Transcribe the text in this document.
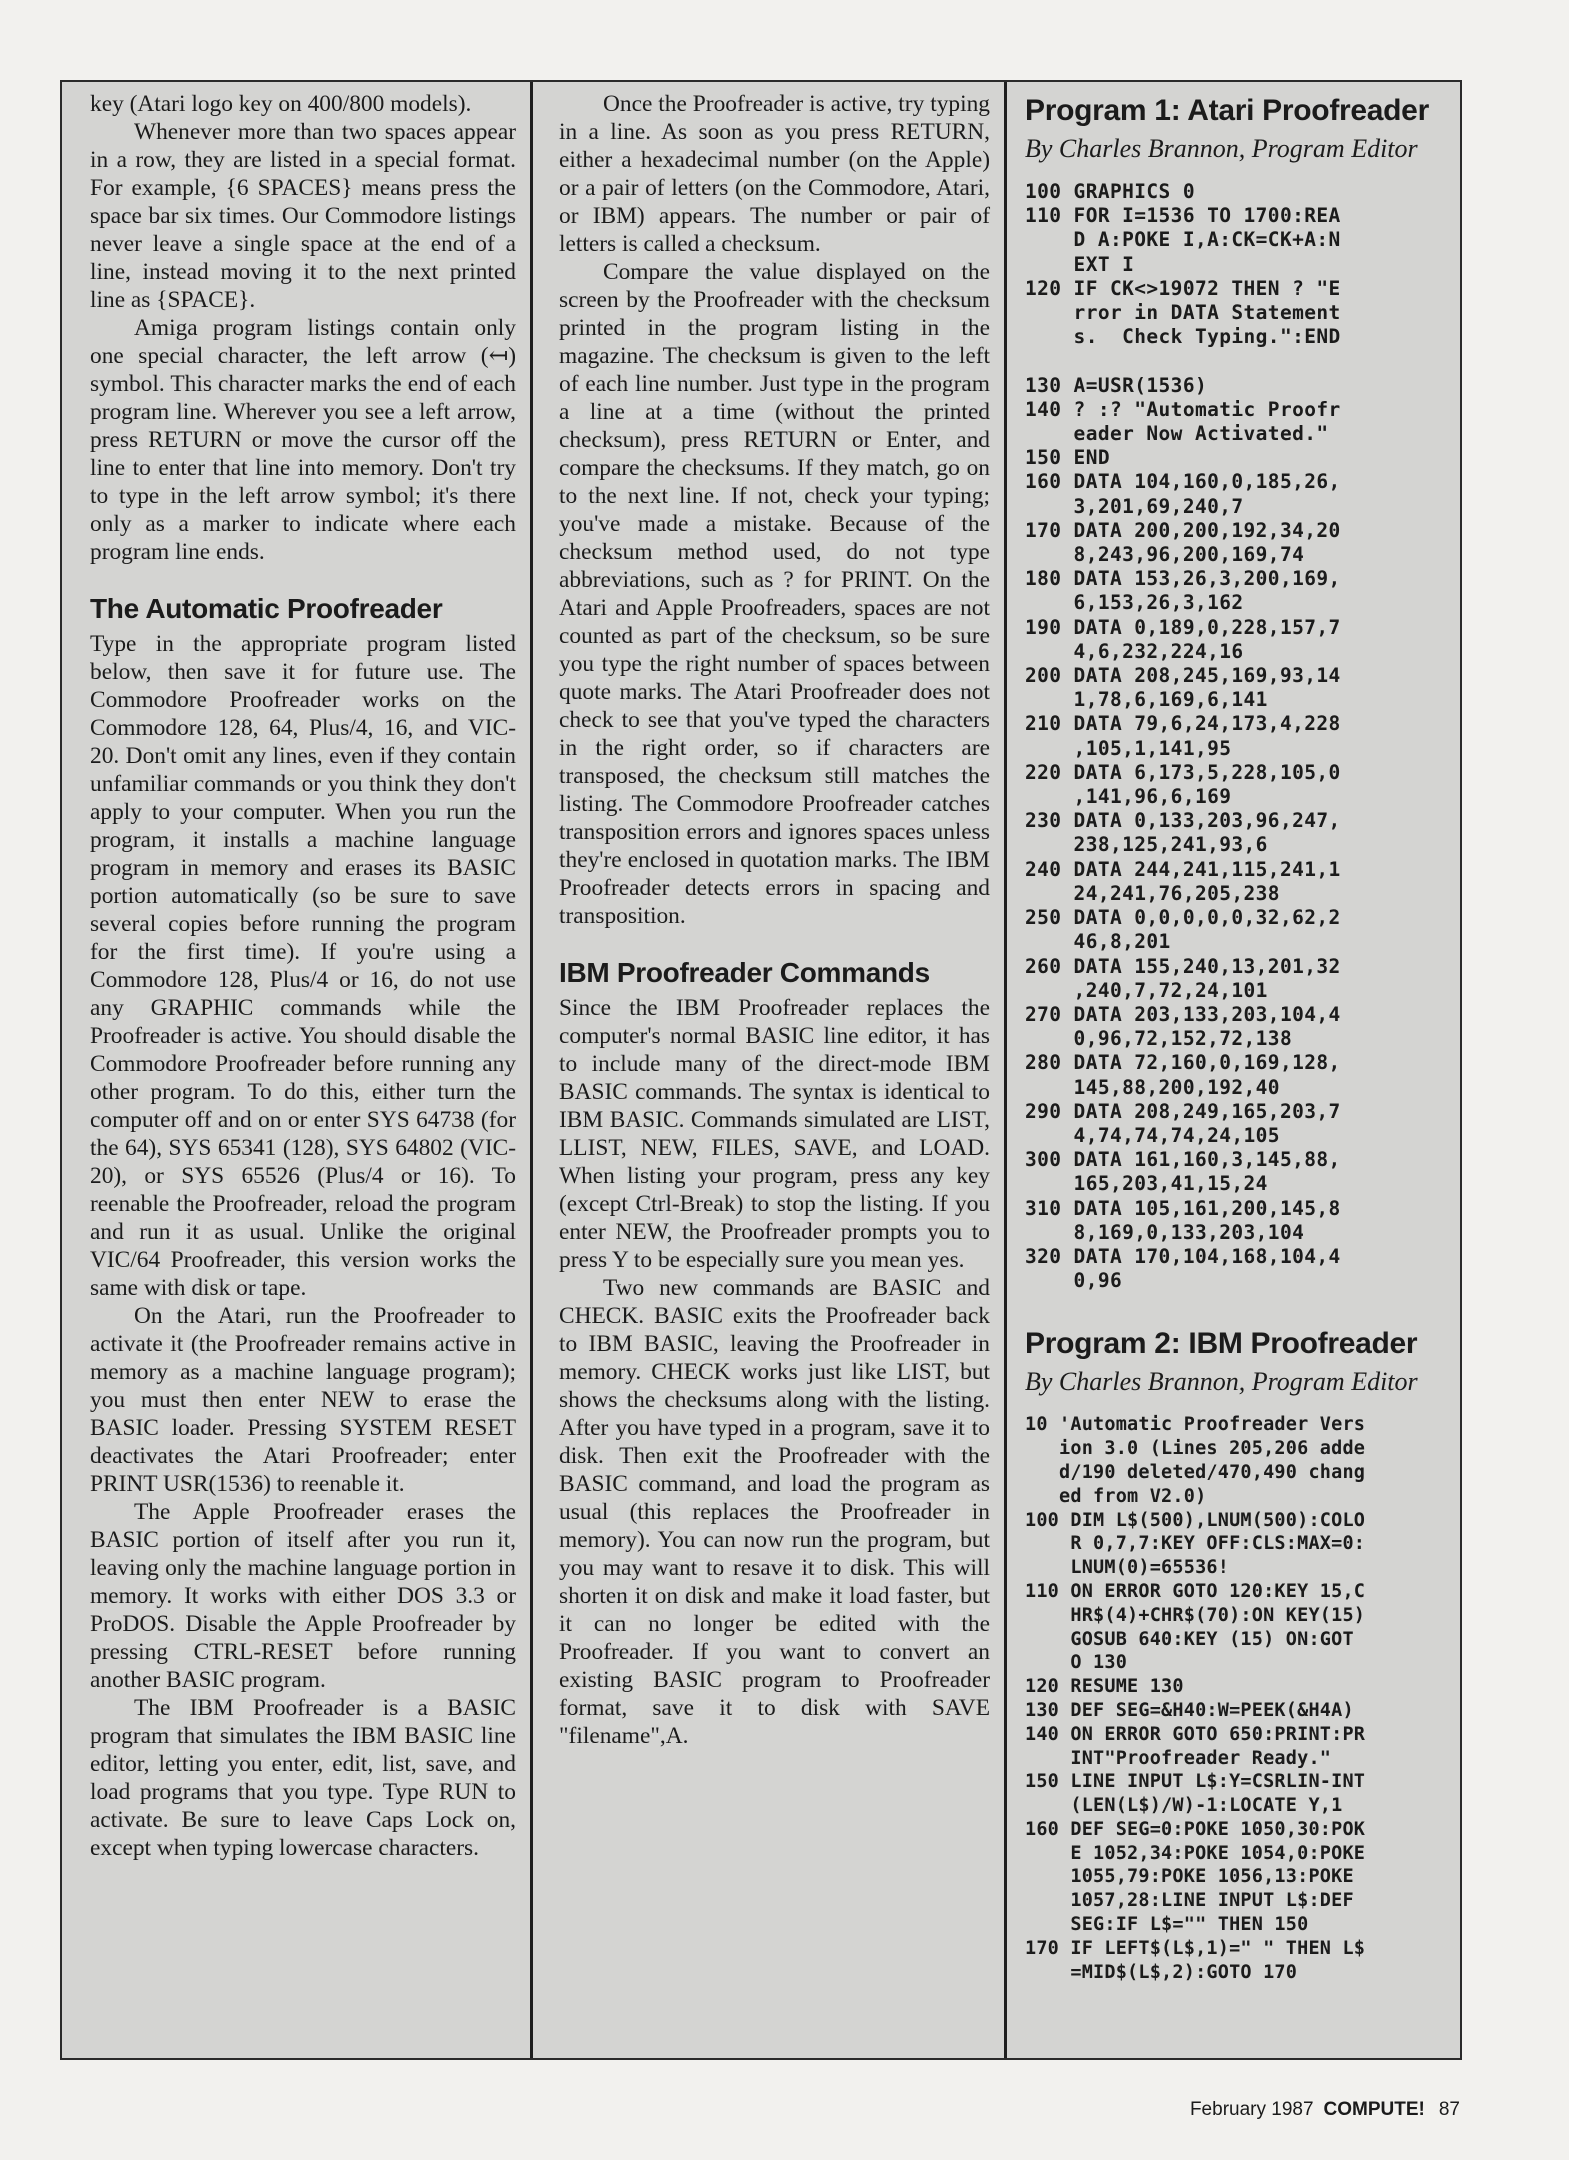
key (Atari logo key on 400/800 models).

Whenever more than two spaces appear in a row, they are listed in a special format. For example, {6 SPACES} means press the space bar six times. Our Commodore listings never leave a single space at the end of a line, instead moving it to the next printed line as {SPACE}.

Amiga program listings contain only one special character, the left arrow (↤) symbol. This character marks the end of each program line. Wherever you see a left arrow, press RETURN or move the cursor off the line to enter that line into memory. Don't try to type in the left arrow symbol; it's there only as a marker to indicate where each program line ends.

The Automatic Proofreader

Type in the appropriate program listed below, then save it for future use. The Commodore Proofreader works on the Commodore 128, 64, Plus/4, 16, and VIC-20. Don't omit any lines, even if they contain unfamiliar commands or you think they don't apply to your computer. When you run the program, it installs a machine language program in memory and erases its BASIC portion automatically (so be sure to save several copies before running the program for the first time). If you're using a Commodore 128, Plus/4 or 16, do not use any GRAPHIC commands while the Proofreader is active. You should disable the Commodore Proofreader before running any other program. To do this, either turn the computer off and on or enter SYS 64738 (for the 64), SYS 65341 (128), SYS 64802 (VIC-20), or SYS 65526 (Plus/4 or 16). To reenable the Proofreader, reload the program and run it as usual. Unlike the original VIC/64 Proofreader, this version works the same with disk or tape.

On the Atari, run the Proofreader to activate it (the Proofreader remains active in memory as a machine language program); you must then enter NEW to erase the BASIC loader. Pressing SYSTEM RESET deactivates the Atari Proofreader; enter PRINT USR(1536) to reenable it.

The Apple Proofreader erases the BASIC portion of itself after you run it, leaving only the machine language portion in memory. It works with either DOS 3.3 or ProDOS. Disable the Apple Proofreader by pressing CTRL-RESET before running another BASIC program.

The IBM Proofreader is a BASIC program that simulates the IBM BASIC line editor, letting you enter, edit, list, save, and load programs that you type. Type RUN to activate. Be sure to leave Caps Lock on, except when typing lowercase characters.

Once the Proofreader is active, try typing in a line. As soon as you press RETURN, either a hexadecimal number (on the Apple) or a pair of letters (on the Commodore, Atari, or IBM) appears. The number or pair of letters is called a checksum.

Compare the value displayed on the screen by the Proofreader with the checksum printed in the program listing in the magazine. The checksum is given to the left of each line number. Just type in the program a line at a time (without the printed checksum), press RETURN or Enter, and compare the checksums. If they match, go on to the next line. If not, check your typing; you've made a mistake. Because of the checksum method used, do not type abbreviations, such as ? for PRINT. On the Atari and Apple Proofreaders, spaces are not counted as part of the checksum, so be sure you type the right number of spaces between quote marks. The Atari Proofreader does not check to see that you've typed the characters in the right order, so if characters are transposed, the checksum still matches the listing. The Commodore Proofreader catches transposition errors and ignores spaces unless they're enclosed in quotation marks. The IBM Proofreader detects errors in spacing and transposition.

IBM Proofreader Commands

Since the IBM Proofreader replaces the computer's normal BASIC line editor, it has to include many of the direct-mode IBM BASIC commands. The syntax is identical to IBM BASIC. Commands simulated are LIST, LLIST, NEW, FILES, SAVE, and LOAD. When listing your program, press any key (except Ctrl-Break) to stop the listing. If you enter NEW, the Proofreader prompts you to press Y to be especially sure you mean yes.

Two new commands are BASIC and CHECK. BASIC exits the Proofreader back to IBM BASIC, leaving the Proofreader in memory. CHECK works just like LIST, but shows the checksums along with the listing. After you have typed in a program, save it to disk. Then exit the Proofreader with the BASIC command, and load the program as usual (this replaces the Proofreader in memory). You can now run the program, but you may want to resave it to disk. This will shorten it on disk and make it load faster, but it can no longer be edited with the Proofreader. If you want to convert an existing BASIC program to Proofreader format, save it to disk with SAVE "filename",A.

Program 1: Atari Proofreader
By Charles Brannon, Program Editor
100 GRAPHICS 0
110 FOR I=1536 TO 1700:REA
D A:POKE I,A:CK=CK+A:N
EXT I
120 IF CK<>19072 THEN ? "E
rror in DATA Statement
s.  Check Typing.":END

130 A=USR(1536)
140 ? :? "Automatic Proofr
eader Now Activated."
150 END
160 DATA 104,160,0,185,26,
3,201,69,240,7
170 DATA 200,200,192,34,20
8,243,96,200,169,74
180 DATA 153,26,3,200,169,
6,153,26,3,162
190 DATA 0,189,0,228,157,7
4,6,232,224,16
200 DATA 208,245,169,93,14
1,78,6,169,6,141
210 DATA 79,6,24,173,4,228
,105,1,141,95
220 DATA 6,173,5,228,105,0
,141,96,6,169
230 DATA 0,133,203,96,247,
238,125,241,93,6
240 DATA 244,241,115,241,1
24,241,76,205,238
250 DATA 0,0,0,0,0,32,62,2
46,8,201
260 DATA 155,240,13,201,32
,240,7,72,24,101
270 DATA 203,133,203,104,4
0,96,72,152,72,138
280 DATA 72,160,0,169,128,
145,88,200,192,40
290 DATA 208,249,165,203,7
4,74,74,74,24,105
300 DATA 161,160,3,145,88,
165,203,41,15,24
310 DATA 105,161,200,145,8
8,169,0,133,203,104
320 DATA 170,104,168,104,4
0,96
Program 2: IBM Proofreader
By Charles Brannon, Program Editor
10 'Automatic Proofreader Vers
ion 3.0 (Lines 205,206 adde
d/190 deleted/470,490 chang
ed from V2.0)
100 DIM L$(500),LNUM(500):COLO
R 0,7,7:KEY OFF:CLS:MAX=0:
LNUM(0)=65536!
110 ON ERROR GOTO 120:KEY 15,C
HR$(4)+CHR$(70):ON KEY(15)
GOSUB 640:KEY (15) ON:GOT
O 130
120 RESUME 130
130 DEF SEG=&H40:W=PEEK(&H4A)
140 ON ERROR GOTO 650:PRINT:PR
INT"Proofreader Ready."
150 LINE INPUT L$:Y=CSRLIN-INT
(LEN(L$)/W)-1:LOCATE Y,1
160 DEF SEG=0:POKE 1050,30:POK
E 1052,34:POKE 1054,0:POKE
1055,79:POKE 1056,13:POKE
1057,28:LINE INPUT L$:DEF
SEG:IF L$="" THEN 150
170 IF LEFT$(L$,1)=" " THEN L$
=MID$(L$,2):GOTO 170
February 1987 COMPUTE! 87
